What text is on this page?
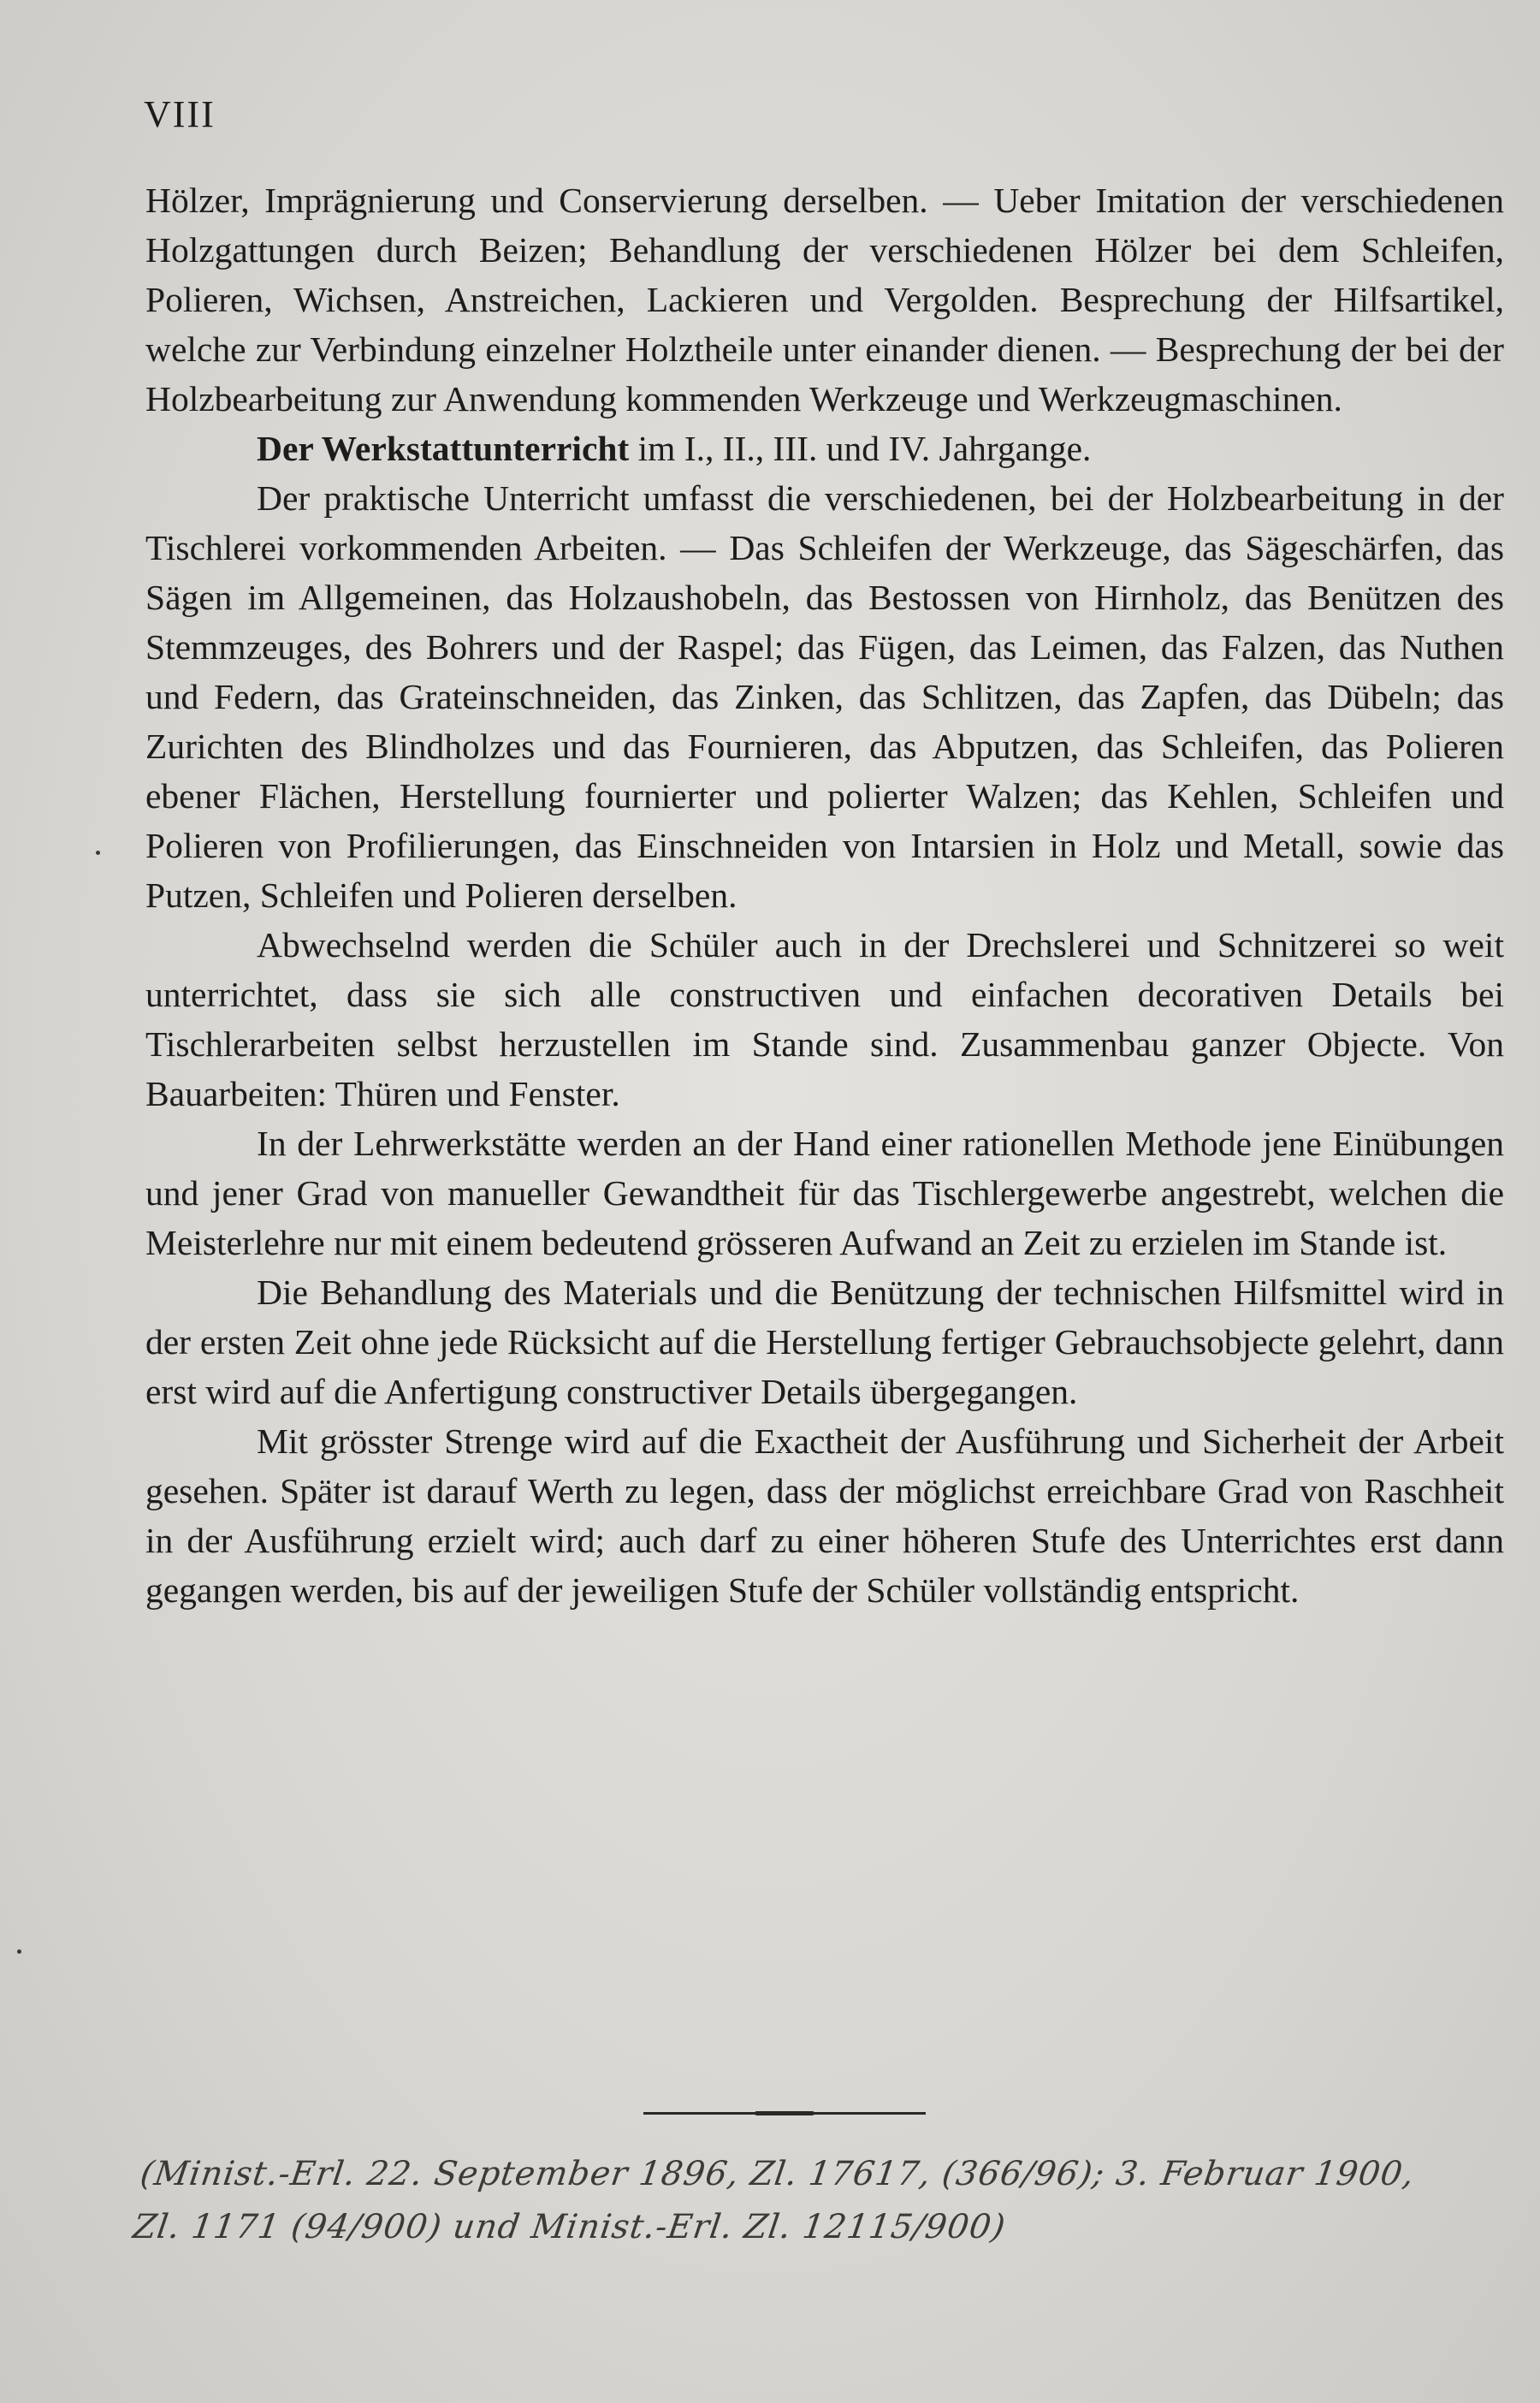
VIII

Hölzer, Imprägnierung und Conservierung derselben. — Ueber Imitation der verschiedenen Holzgattungen durch Beizen; Behandlung der verschiedenen Hölzer bei dem Schleifen, Polieren, Wichsen, Anstreichen, Lackieren und Vergolden. Besprechung der Hilfsartikel, welche zur Verbindung einzelner Holztheile unter einander dienen. — Besprechung der bei der Holzbearbeitung zur Anwendung kommenden Werkzeuge und Werkzeugmaschinen.

Der Werkstattunterricht im I., II., III. und IV. Jahrgange.

Der praktische Unterricht umfasst die verschiedenen, bei der Holzbearbeitung in der Tischlerei vorkommenden Arbeiten. — Das Schleifen der Werkzeuge, das Sägeschärfen, das Sägen im Allgemeinen, das Holzaushobeln, das Bestossen von Hirnholz, das Benützen des Stemmzeuges, des Bohrers und der Raspel; das Fügen, das Leimen, das Falzen, das Nuthen und Federn, das Grateinschneiden, das Zinken, das Schlitzen, das Zapfen, das Dübeln; das Zurichten des Blindholzes und das Fournieren, das Abputzen, das Schleifen, das Polieren ebener Flächen, Herstellung fournierter und polierter Walzen; das Kehlen, Schleifen und Polieren von Profilierungen, das Einschneiden von Intarsien in Holz und Metall, sowie das Putzen, Schleifen und Polieren derselben.

Abwechselnd werden die Schüler auch in der Drechslerei und Schnitzerei so weit unterrichtet, dass sie sich alle constructiven und einfachen decorativen Details bei Tischlerarbeiten selbst herzustellen im Stande sind. Zusammenbau ganzer Objecte. Von Bauarbeiten: Thüren und Fenster.

In der Lehrwerkstätte werden an der Hand einer rationellen Methode jene Einübungen und jener Grad von manueller Gewandtheit für das Tischlergewerbe angestrebt, welchen die Meisterlehre nur mit einem bedeutend grösseren Aufwand an Zeit zu erzielen im Stande ist.

Die Behandlung des Materials und die Benützung der technischen Hilfsmittel wird in der ersten Zeit ohne jede Rücksicht auf die Herstellung fertiger Gebrauchsobjecte gelehrt, dann erst wird auf die Anfertigung constructiver Details übergegangen.

Mit grösster Strenge wird auf die Exactheit der Ausführung und Sicherheit der Arbeit gesehen. Später ist darauf Werth zu legen, dass der möglichst erreichbare Grad von Raschheit in der Ausführung erzielt wird; auch darf zu einer höheren Stufe des Unterrichtes erst dann gegangen werden, bis auf der jeweiligen Stufe der Schüler vollständig entspricht.

(Minist.-Erl. 22. September 1896, Zl. 17617, (366/96); 3. Februar 1900,
Zl. 1171 (94/900) und Minist.-Erl. Zl. 12115/900)
